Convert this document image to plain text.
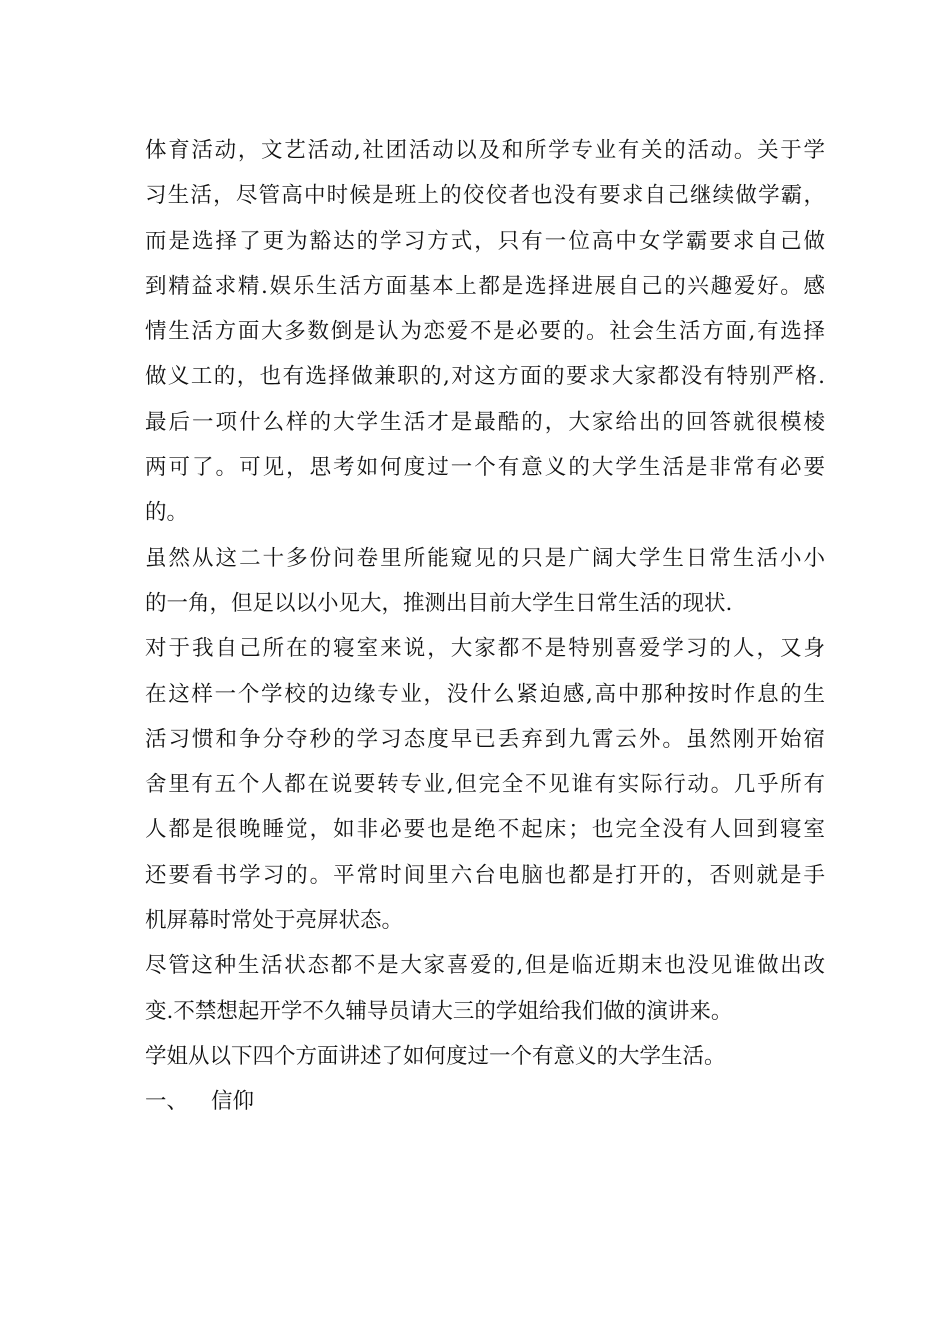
体育活动，文艺活动,社团活动以及和所学专业有关的活动。关于学
习生活，尽管高中时候是班上的佼佼者也没有要求自己继续做学霸，
而是选择了更为豁达的学习方式，只有一位高中女学霸要求自己做
到精益求精.娱乐生活方面基本上都是选择进展自己的兴趣爱好。感
情生活方面大多数倒是认为恋爱不是必要的。社会生活方面,有选择
做义工的，也有选择做兼职的,对这方面的要求大家都没有特别严格.
最后一项什么样的大学生活才是最酷的，大家给出的回答就很模棱
两可了。可见，思考如何度过一个有意义的大学生活是非常有必要
的。
虽然从这二十多份问卷里所能窥见的只是广阔大学生日常生活小小
的一角，但足以以小见大，推测出目前大学生日常生活的现状.
对于我自己所在的寝室来说，大家都不是特别喜爱学习的人，又身
在这样一个学校的边缘专业，没什么紧迫感,高中那种按时作息的生
活习惯和争分夺秒的学习态度早已丢弃到九霄云外。虽然刚开始宿
舍里有五个人都在说要转专业,但完全不见谁有实际行动。几乎所有
人都是很晚睡觉，如非必要也是绝不起床；也完全没有人回到寝室
还要看书学习的。平常时间里六台电脑也都是打开的，否则就是手
机屏幕时常处于亮屏状态。
尽管这种生活状态都不是大家喜爱的,但是临近期末也没见谁做出改
变.不禁想起开学不久辅导员请大三的学姐给我们做的演讲来。
学姐从以下四个方面讲述了如何度过一个有意义的大学生活。
一、 信仰
